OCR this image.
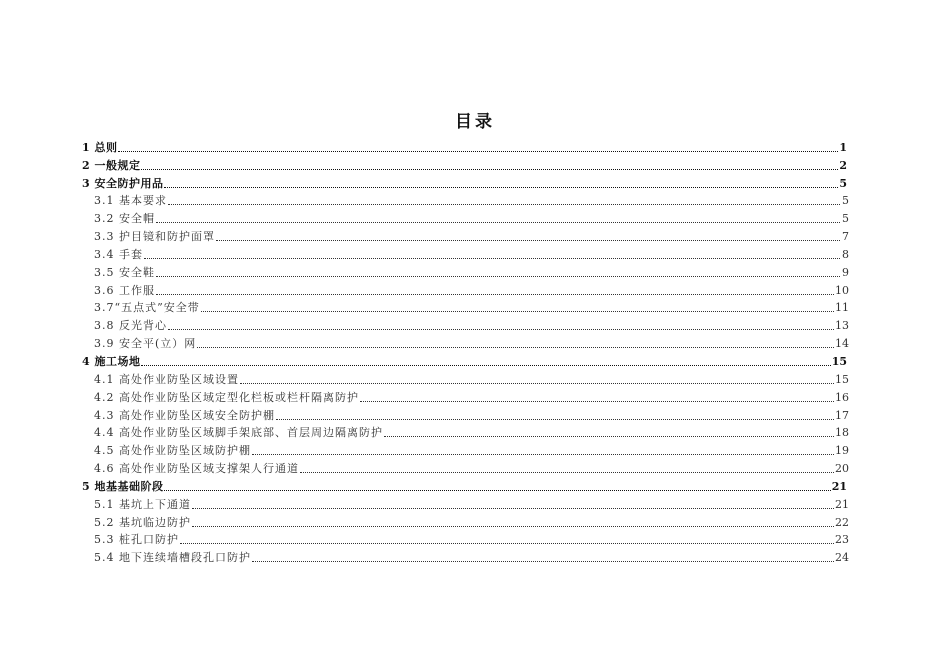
目录
1 总则	1
2 一般规定	2
3 安全防护用品	5
3.1 基本要求	5
3.2 安全帽	5
3.3 护目镜和防护面罩	7
3.4 手套	8
3.5 安全鞋	9
3.6 工作服	10
3.7“五点式”安全带	11
3.8 反光背心	13
3.9 安全平(立）网	14
4 施工场地	15
4.1 高处作业防坠区域设置	15
4.2 高处作业防坠区域定型化栏板或栏杆隔离防护	16
4.3 高处作业防坠区域安全防护棚	17
4.4 高处作业防坠区域脚手架底部、首层周边隔离防护	18
4.5 高处作业防坠区域防护棚	19
4.6 高处作业防坠区域支撑架人行通道	20
5 地基基础阶段	21
5.1 基坑上下通道	21
5.2 基坑临边防护	22
5.3 桩孔口防护	23
5.4 地下连续墙槽段孔口防护	24
